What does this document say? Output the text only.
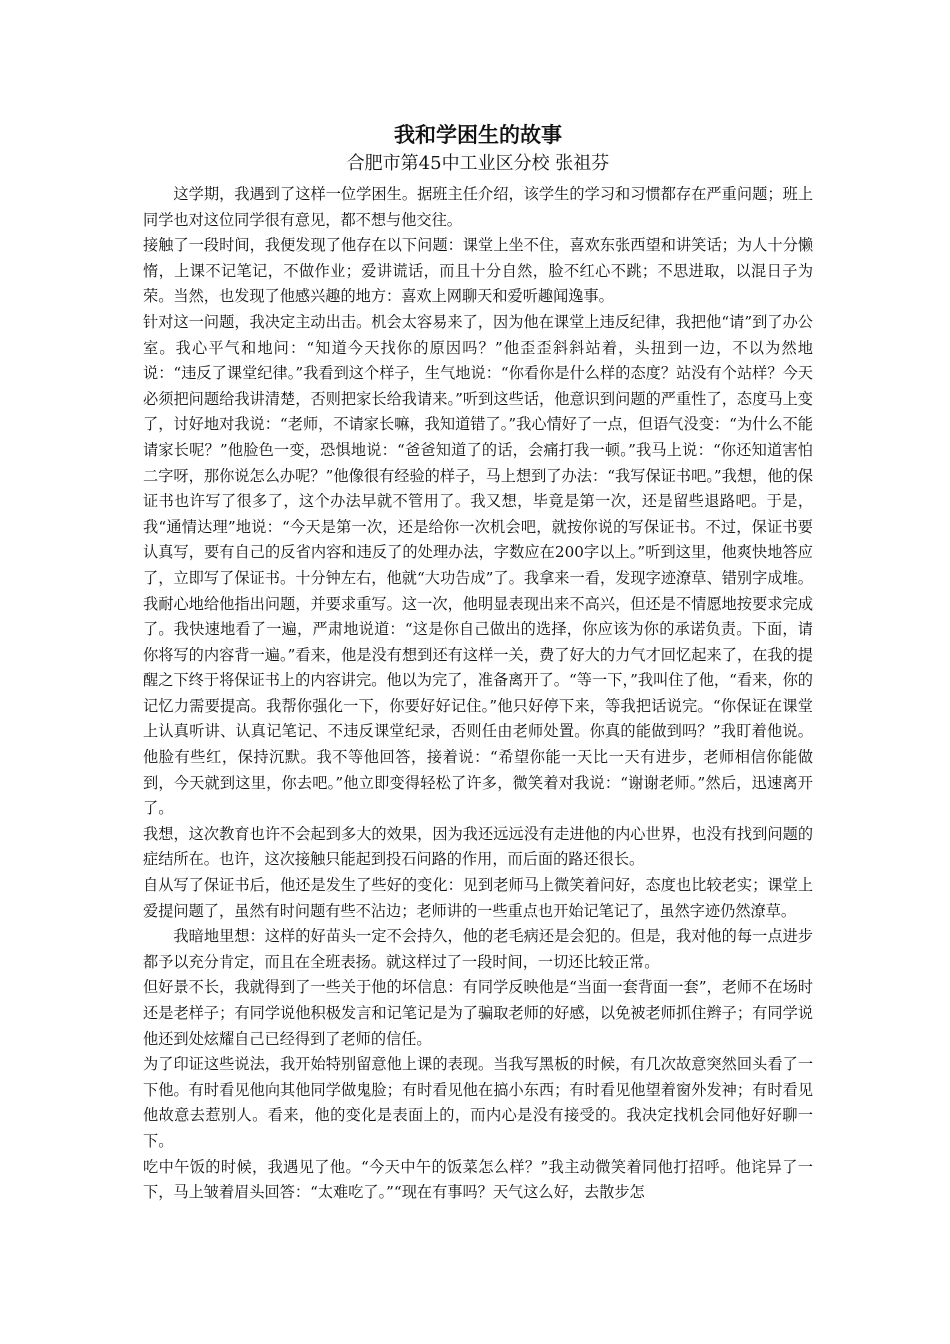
我和学困生的故事

合肥市第45中工业区分校 张祖芬

这学期，我遇到了这样一位学困生。据班主任介绍，该学生的学习和习惯都存在严重问题；班上同学也对这位同学很有意见，都不想与他交往。

接触了一段时间，我便发现了他存在以下问题：课堂上坐不住，喜欢东张西望和讲笑话；为人十分懒惰，上课不记笔记，不做作业；爱讲谎话，而且十分自然，脸不红心不跳；不思进取，以混日子为荣。当然，也发现了他感兴趣的地方：喜欢上网聊天和爱听趣闻逸事。

针对这一问题，我决定主动出击。机会太容易来了，因为他在课堂上违反纪律，我把他“请”到了办公室。我心平气和地问：“知道今天找你的原因吗？”他歪歪斜斜站着，头扭到一边，不以为然地说：“违反了课堂纪律。”我看到这个样子，生气地说：“你看你是什么样的态度？站没有个站样？今天必须把问题给我讲清楚，否则把家长给我请来。”听到这些话，他意识到问题的严重性了，态度马上变了，讨好地对我说：“老师，不请家长嘛，我知道错了。”我心情好了一点，但语气没变：“为什么不能请家长呢？”他脸色一变，恐惧地说：“爸爸知道了的话，会痛打我一顿。”我马上说：“你还知道害怕二字呀，那你说怎么办呢？”他像很有经验的样子，马上想到了办法：“我写保证书吧。”我想，他的保证书也许写了很多了，这个办法早就不管用了。我又想，毕竟是第一次，还是留些退路吧。于是，我“通情达理”地说：“今天是第一次，还是给你一次机会吧，就按你说的写保证书。不过，保证书要认真写，要有自己的反省内容和违反了的处理办法，字数应在200字以上。”听到这里，他爽快地答应了，立即写了保证书。十分钟左右，他就“大功告成”了。我拿来一看，发现字迹潦草、错别字成堆。我耐心地给他指出问题，并要求重写。这一次，他明显表现出来不高兴，但还是不情愿地按要求完成了。我快速地看了一遍，严肃地说道：“这是你自己做出的选择，你应该为你的承诺负责。下面，请你将写的内容背一遍。”看来，他是没有想到还有这样一关，费了好大的力气才回忆起来了，在我的提醒之下终于将保证书上的内容讲完。他以为完了，准备离开了。“等一下，”我叫住了他，“看来，你的记忆力需要提高。我帮你强化一下，你要好好记住。”他只好停下来，等我把话说完。“你保证在课堂上认真听讲、认真记笔记、不违反课堂纪录，否则任由老师处置。你真的能做到吗？”我盯着他说。他脸有些红，保持沉默。我不等他回答，接着说：“希望你能一天比一天有进步，老师相信你能做到，今天就到这里，你去吧。”他立即变得轻松了许多，微笑着对我说：“谢谢老师。”然后，迅速离开了。

我想，这次教育也许不会起到多大的效果，因为我还远远没有走进他的内心世界，也没有找到问题的症结所在。也许，这次接触只能起到投石问路的作用，而后面的路还很长。

自从写了保证书后，他还是发生了些好的变化：见到老师马上微笑着问好，态度也比较老实；课堂上爱提问题了，虽然有时问题有些不沾边；老师讲的一些重点也开始记笔记了，虽然字迹仍然潦草。

我暗地里想：这样的好苗头一定不会持久，他的老毛病还是会犯的。但是，我对他的每一点进步都予以充分肯定，而且在全班表扬。就这样过了一段时间，一切还比较正常。

但好景不长，我就得到了一些关于他的坏信息：有同学反映他是“当面一套背面一套”，老师不在场时还是老样子；有同学说他积极发言和记笔记是为了骗取老师的好感，以免被老师抓住辫子；有同学说他还到处炫耀自己已经得到了老师的信任。

为了印证这些说法，我开始特别留意他上课的表现。当我写黑板的时候，有几次故意突然回头看了一下他。有时看见他向其他同学做鬼脸；有时看见他在搞小东西；有时看见他望着窗外发神；有时看见他故意去惹别人。看来，他的变化是表面上的，而内心是没有接受的。我决定找机会同他好好聊一下。

吃中午饭的时候，我遇见了他。“今天中午的饭菜怎么样？”我主动微笑着同他打招呼。他诧异了一下，马上皱着眉头回答：“太难吃了。”“现在有事吗？天气这么好，去散步怎
